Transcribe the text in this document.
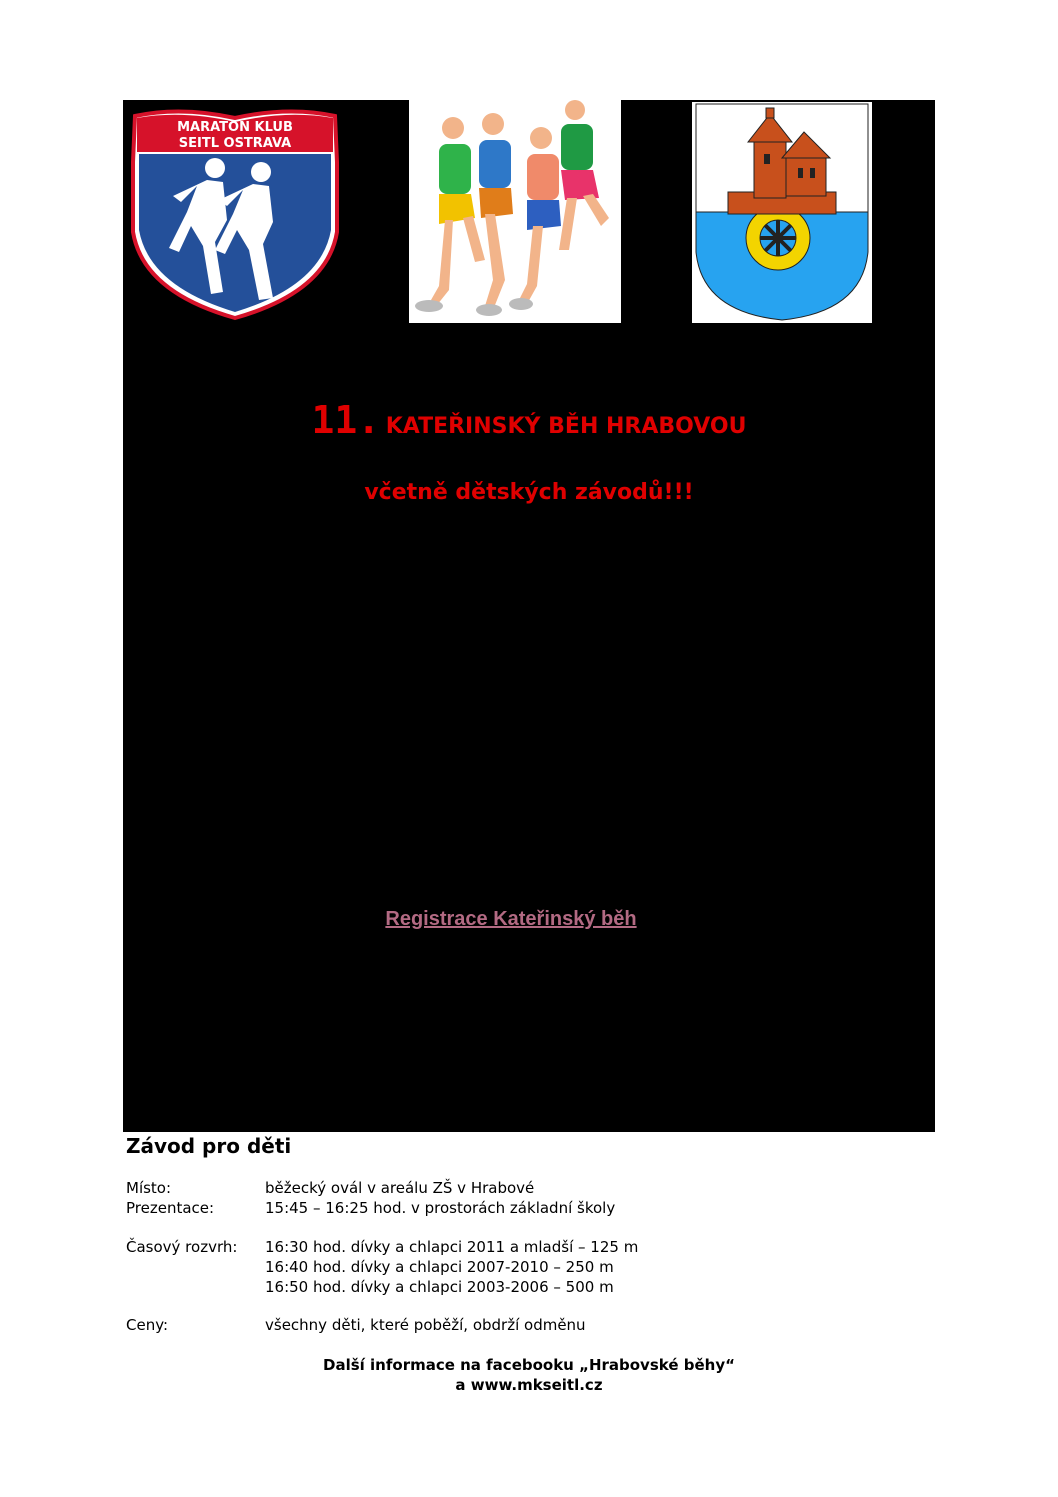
MARATON KLUB
SEITL OSTRAVA
11. KATEŘINSKÝ BĚH HRABOVOU
včetně dětských závodů!!!
Registrace Kateřinský běh
Závod pro děti
Místo:	běžecký ovál v areálu ZŠ v Hrabové
Prezentace:	15:45 – 16:25 hod. v prostorách základní školy
Časový rozvrh: 16:30 hod. dívky a chlapci 2011 a mladší – 125 m
16:40 hod. dívky a chlapci 2007-2010 – 250 m
16:50 hod. dívky a chlapci 2003-2006 – 500 m
Ceny:	všechny děti, které poběží, obdrží odměnu
Další informace na facebooku „Hrabovské běhy“
a www.mkseitl.cz
